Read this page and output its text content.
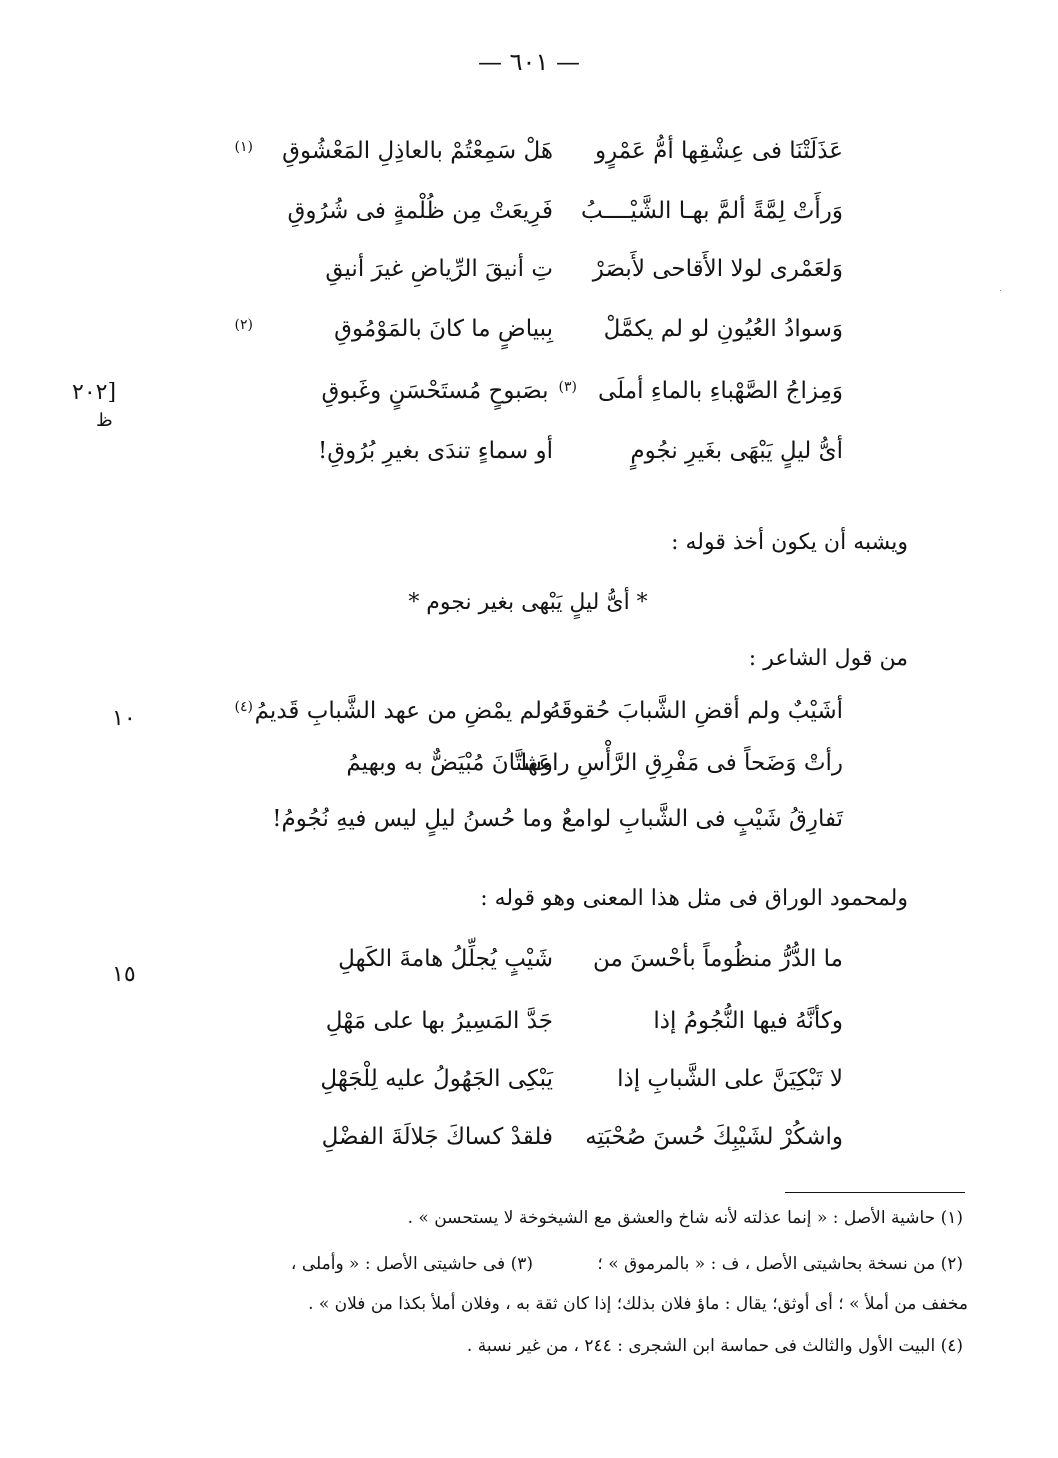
— ٦٠١ —
[٢٠٢
ظ
١٠
١٥
عَذَلَتْنَا فى عِشْقِها أمُّ عَمْرٍو
هَلْ سَمِعْتُمْ بالعاذِلِ المَعْشُوقِ
(١)
وَرأَتْ لِمَّةً ألمَّ بهـا الشَّيْــــبُ
فَرِيعَتْ مِن ظُلْمةٍ فى شُرُوقِ
وَلعَمْرى لولا الأَقاحى لأَبصَرْ
تِ أنيقَ الرِّياضِ غيرَ أنيقِ
وَسوادُ العُيُونِ لو لم يكمَّلْ
بِبياضٍ ما كانَ بالمَوْمُوقِ
(٢)
وَمِزاجُ الصَّهْباءِ بالماءِ أملَى
(٣)
بصَبوحٍ مُستَحْسَنٍ وغَبوقِ
أىُّ ليلٍ يَبْهَى بغَيرِ نجُومٍ
أو سماءٍ تندَى بغيرِ بُرُوقِ!
ويشبه أن يكون أخذ قوله :
* أىُّ ليلٍ يَبْهى بغير نجوم *
من قول الشاعر :
أشَيْبٌ ولم أقضِ الشَّبابَ حُقوقَهُ
ولم يمْضِ من عهد الشَّبابِ قَديمُ
(٤)
رأتْ وَضَحاً فى مَفْرِقِ الرَّأْسِ راعَها
وشتَّانَ مُبْيَضٌّ به وبهيمُ
تَفارِقُ شَيْبٍ فى الشَّبابِ لوامعٌ
وما حُسنُ ليلٍ ليس فيهِ نُجُومُ!
ولمحمود الوراق فى مثل هذا المعنى وهو قوله :
ما الدُّرُّ منظُوماً بأحْسنَ من
شَيْبٍ يُجلِّلُ هامةَ الكَهلِ
وكأنَّهُ فيها النُّجُومُ إذا
جَدَّ المَسِيرُ بها على مَهْلِ
لا تَبْكِيَنَّ على الشَّبابِ إذا
يَبْكِى الجَهُولُ عليه لِلْجَهْلِ
واشكُرْ لشَيْبِكَ حُسنَ صُحْبَتِه
فلقدْ كساكَ جَلالَةَ الفضْلِ
(١) حاشية الأصل : « إنما عذلته لأنه شاخ والعشق مع الشيخوخة لا يستحسن » .
(٢) من نسخة بحاشيتى الأصل ، ف : « بالمرموق » ؛
(٣) فى حاشيتى الأصل : « وأملى ،
مخفف من أملأ » ؛ أى أوثق؛ يقال : ماؤ فلان بذلك؛ إذا كان ثقة به ، وفلان أملأ بكذا من فلان » .
(٤) البيت الأول والثالث فى حماسة ابن الشجرى : ٢٤٤ ، من غير نسبة .
